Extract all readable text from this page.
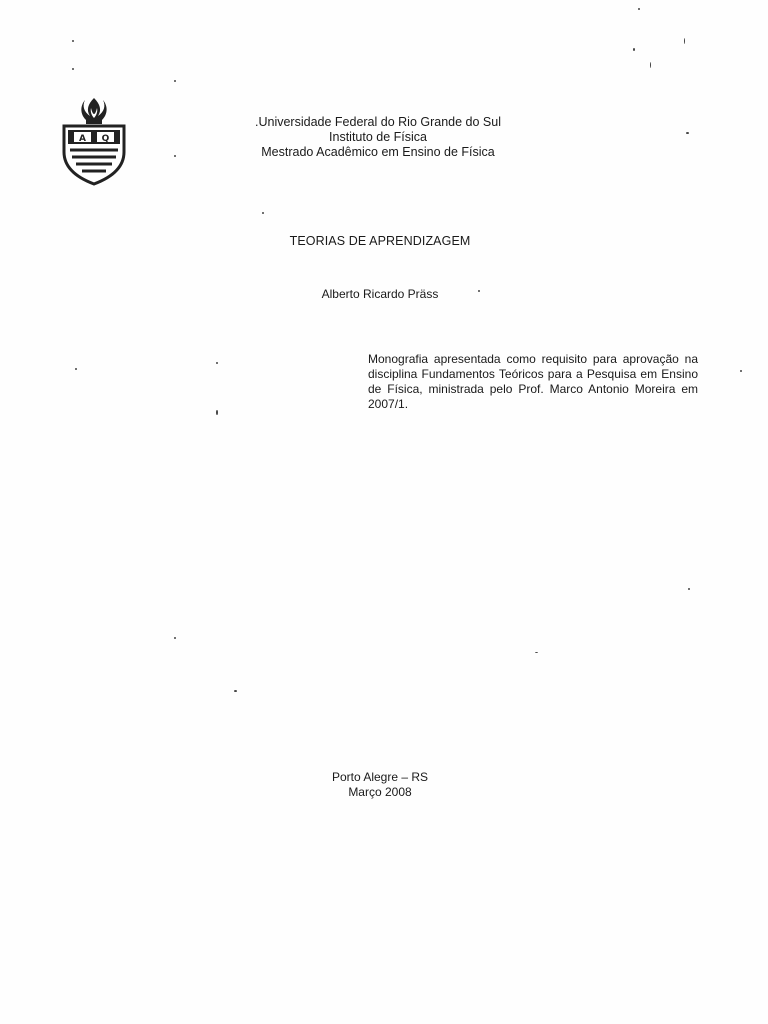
A Q
.Universidade Federal do Rio Grande do Sul
Instituto de Física
Mestrado Acadêmico em Ensino de Física
TEORIAS DE APRENDIZAGEM
Alberto Ricardo Präss
Monografia apresentada como requisito para aprovação na disciplina Fundamentos Teóricos para a Pesquisa em Ensino de Física, ministrada pelo Prof. Marco Antonio Moreira em 2007/1.
Porto Alegre – RS
Março 2008
